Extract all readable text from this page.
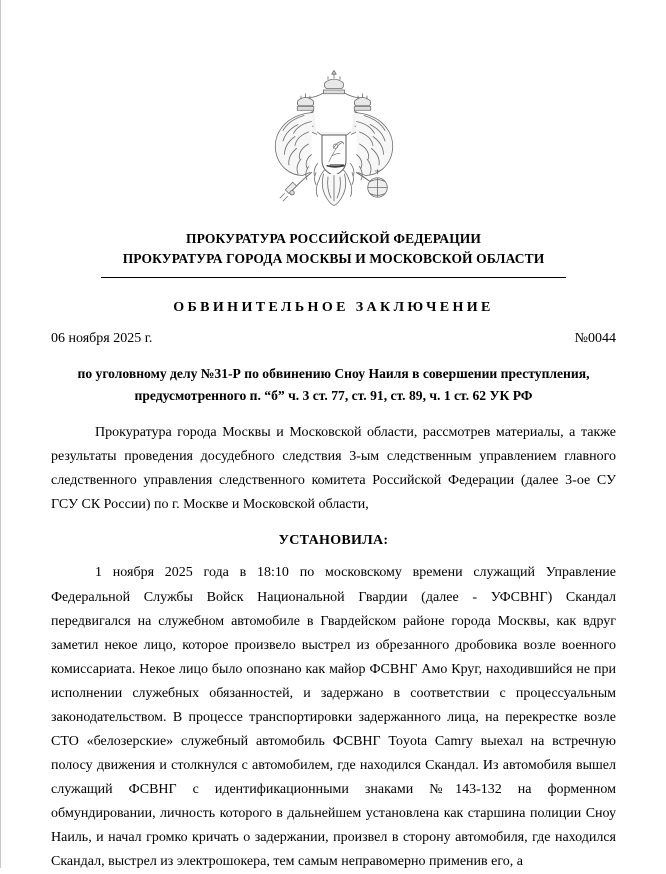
ПРОКУРАТУРА РОССИЙСКОЙ ФЕДЕРАЦИИ
ПРОКУРАТУРА ГОРОДА МОСКВЫ И МОСКОВСКОЙ ОБЛАСТИ
ОБВИНИТЕЛЬНОЕ ЗАКЛЮЧЕНИЕ
06 ноября 2025 г.	№0044
по уголовному делу №31-Р по обвинению Сноу Наиля в совершении преступления,
предусмотренного п. “б” ч. 3 ст. 77, ст. 91, ст. 89, ч. 1 ст. 62 УК РФ

Прокуратура города Москвы и Московской области, рассмотрев материалы, а также результаты проведения досудебного следствия 3-ым следственным управлением главного следственного управления следственного комитета Российской Федерации (далее 3-ое СУ ГСУ СК России) по г. Москве и Московской области,

УСТАНОВИЛА:

1 ноября 2025 года в 18:10 по московскому времени служащий Управление Федеральной Службы Войск Национальной Гвардии (далее - УФСВНГ) Скандал передвигался на служебном автомобиле в Гвардейском районе города Москвы, как вдруг заметил некое лицо, которое произвело выстрел из обрезанного дробовика возле военного комиссариата. Некое лицо было опознано как майор ФСВНГ Амо Круг, находившийся не при исполнении служебных обязанностей, и задержано в соответствии с процессуальным законодательством. В процессе транспортировки задержанного лица, на перекрестке возле СТО «белозерские» служебный автомобиль ФСВНГ Toyota Camry выехал на встречную полосу движения и столкнулся с автомобилем, где находился Скандал. Из автомобиля вышел служащий ФСВНГ с идентификационными знаками №143-132 на форменном обмундировании, личность которого в дальнейшем установлена как старшина полиции Сноу Наиль, и начал громко кричать о задержании, произвел в сторону автомобиля, где находился Скандал, выстрел из электрошокера, тем самым неправомерно применив его, а
